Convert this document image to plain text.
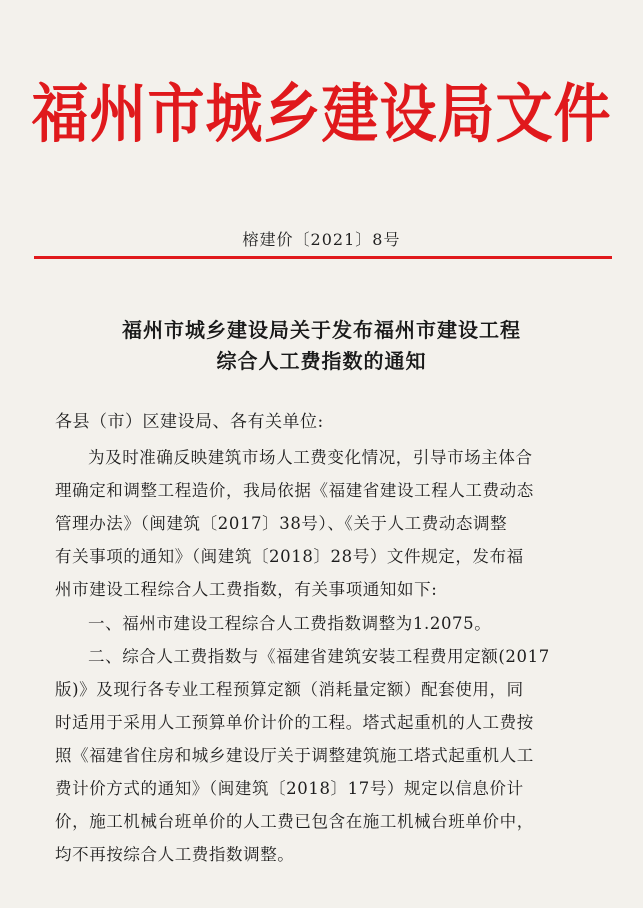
福州市城乡建设局文件
榕建价〔2021〕8号
福州市城乡建设局关于发布福州市建设工程
综合人工费指数的通知
各县（市）区建设局、各有关单位:
为及时准确反映建筑市场人工费变化情况，引导市场主体合
理确定和调整工程造价，我局依据《福建省建设工程人工费动态
管理办法》（闽建筑〔2017〕38号）、《关于人工费动态调整
有关事项的通知》（闽建筑〔2018〕28号）文件规定，发布福
州市建设工程综合人工费指数，有关事项通知如下:
一、福州市建设工程综合人工费指数调整为1.2075。
二、综合人工费指数与《福建省建筑安装工程费用定额(2017
版)》及现行各专业工程预算定额（消耗量定额）配套使用，同
时适用于采用人工预算单价计价的工程。塔式起重机的人工费按
照《福建省住房和城乡建设厅关于调整建筑施工塔式起重机人工
费计价方式的通知》（闽建筑〔2018〕17号）规定以信息价计
价，施工机械台班单价的人工费已包含在施工机械台班单价中，
均不再按综合人工费指数调整。
